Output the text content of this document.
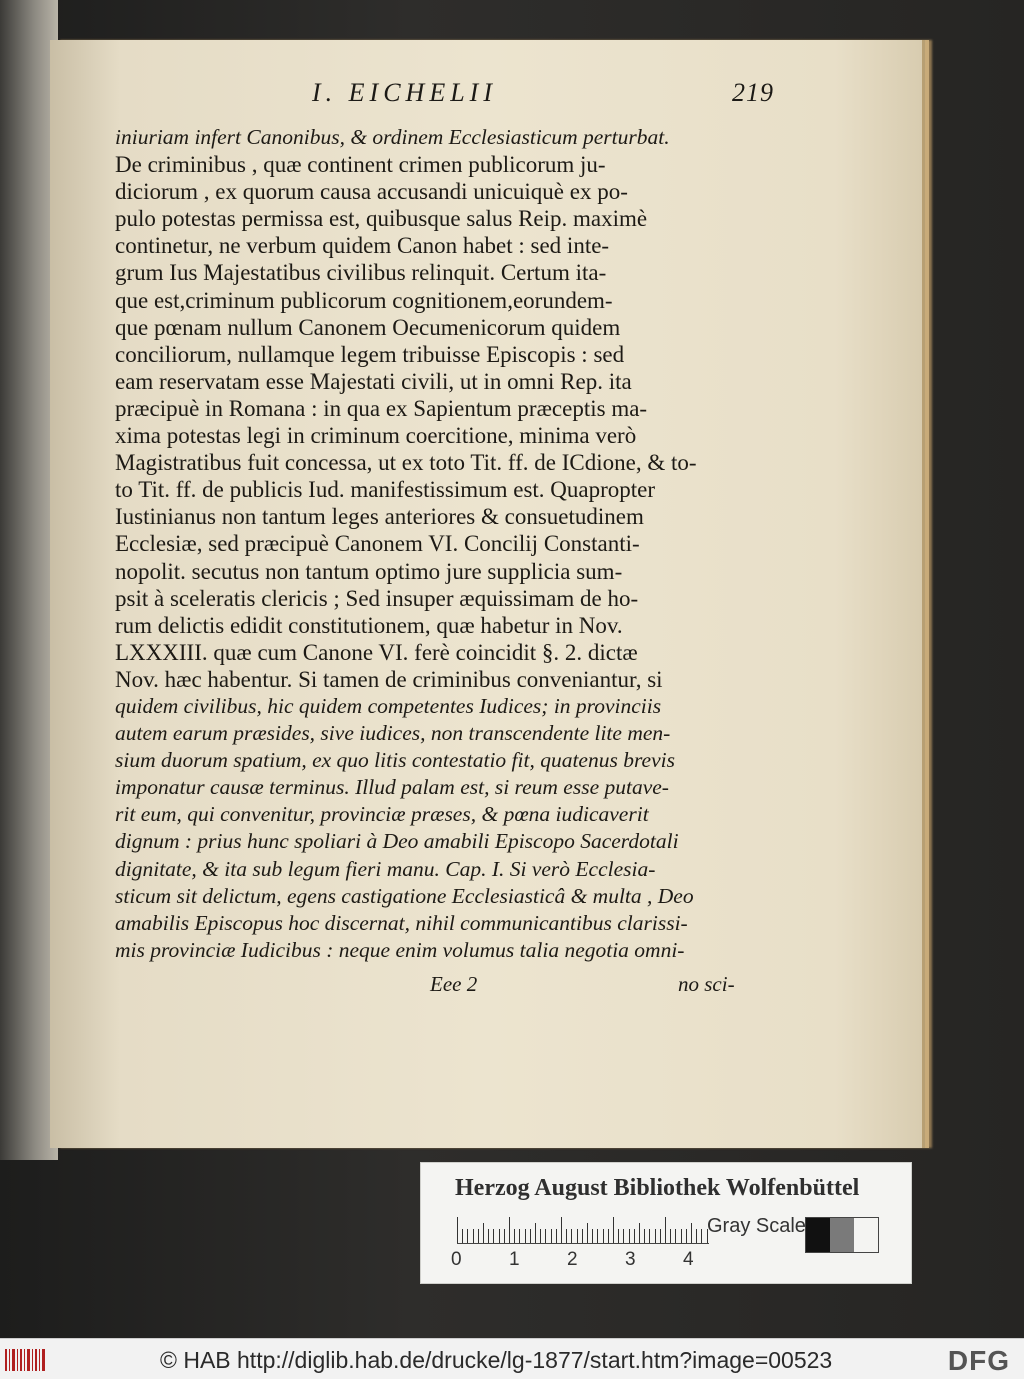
I. EICHELII	219
iniuriam infert Canonibus, & ordinem Ecclesiasticum perturbat.
De criminibus , quæ continent crimen publicorum ju-
diciorum , ex quorum causa accusandi unicuiquè ex po-
pulo potestas permissa est, quibusque salus Reip. maximè
continetur, ne verbum quidem Canon habet : sed inte-
grum Ius Majestatibus civilibus relinquit. Certum ita-
que est,criminum publicorum cognitionem,eorundem-
que pœnam nullum Canonem Oecumenicorum quidem
conciliorum, nullamque legem tribuisse Episcopis : sed
eam reservatam esse Majestati civili, ut in omni Rep. ita
præcipuè in Romana : in qua ex Sapientum præceptis ma-
xima potestas legi in criminum coercitione, minima verò
Magistratibus fuit concessa, ut ex toto Tit. ff. de ICdione, & to-
to Tit. ff. de publicis Iud. manifestissimum est. Quapropter
Iustinianus non tantum leges anteriores & consuetudinem
Ecclesiæ, sed præcipuè Canonem VI. Concilij Constanti-
nopolit. secutus non tantum optimo jure supplicia sum-
psit à sceleratis clericis ; Sed insuper æquissimam de ho-
rum delictis edidit constitutionem, quæ habetur in Nov.
LXXXIII. quæ cum Canone VI. ferè coincidit §. 2. dictæ
Nov. hæc habentur. Si tamen de criminibus conveniantur, si
quidem civilibus, hic quidem competentes Iudices; in provinciis
autem earum præsides, sive iudices, non transcendente lite men-
sium duorum spatium, ex quo litis contestatio fit, quatenus brevis
imponatur causæ terminus. Illud palam est, si reum esse putave-
rit eum, qui convenitur, provinciæ præses, & pœna iudicaverit
dignum : prius hunc spoliari à Deo amabili Episcopo Sacerdotali
dignitate, & ita sub legum fieri manu. Cap. I. Si verò Ecclesia-
sticum sit delictum, egens castigatione Ecclesiasticâ & multa , Deo
amabilis Episcopus hoc discernat, nihil communicantibus clarissi-
mis provinciæ Iudicibus : neque enim volumus talia negotia omni-
Eee 2	no sci-
Herzog August Bibliothek Wolfenbüttel
0 1 2 3 4
Gray Scale
© HAB http://diglib.hab.de/drucke/lg-1877/start.htm?image=00523	DFG
